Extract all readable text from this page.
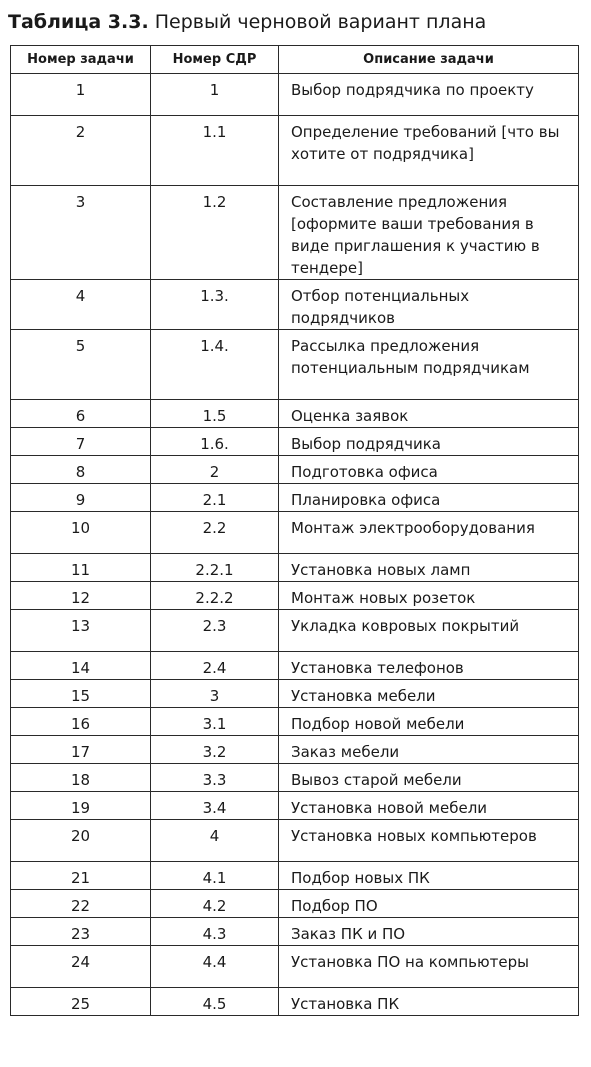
Таблица 3.3. Первый черновой вариант плана
Номер задачи	Номер СДР	Описание задачи
1	1	Выбор подрядчика по проекту
2	1.1	Определение требований [что вы хотите от подрядчика]
3	1.2	Составление предложения [оформите ваши требования в виде приглашения к участию в тендере]
4	1.3.	Отбор потенциальных подрядчиков
5	1.4.	Рассылка предложения потенциальным подрядчикам
6	1.5	Оценка заявок
7	1.6.	Выбор подрядчика
8	2	Подготовка офиса
9	2.1	Планировка офиса
10	2.2	Монтаж электрооборудования
11	2.2.1	Установка новых ламп
12	2.2.2	Монтаж новых розеток
13	2.3	Укладка ковровых покрытий
14	2.4	Установка телефонов
15	3	Установка мебели
16	3.1	Подбор новой мебели
17	3.2	Заказ мебели
18	3.3	Вывоз старой мебели
19	3.4	Установка новой мебели
20	4	Установка новых компьютеров
21	4.1	Подбор новых ПК
22	4.2	Подбор ПО
23	4.3	Заказ ПК и ПО
24	4.4	Установка ПО на компьютеры
25	4.5	Установка ПК
